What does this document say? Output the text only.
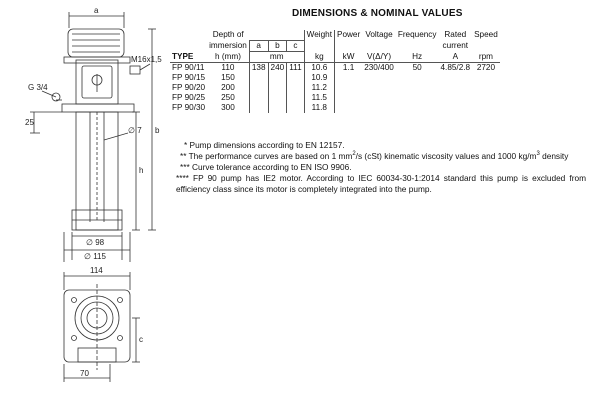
a
M16x1,5
G 3/4
25
∅ 7
h
b
∅ 98
∅ 115
114
c
70
DIMENSIONS & NOMINAL VALUES
	Depth of				Weight	Power	Voltage	Frequency	Rated	Speed
	immersion	a	b	c					current	
TYPE	h (mm)	mm			kg	kW	V(Δ/Y)	Hz	A	rpm
FP 90/11	110	138	240	111	10.6	1.1	230/400	50	4.85/2.8	2720
FP 90/15	150				10.9					
FP 90/20	200				11.2					
FP 90/25	250				11.5					
FP 90/30	300				11.8					

* Pump dimensions according to EN 12157.

** The performance curves are based on 1 $mm^2/s$ (cSt) kinematic viscosity values and 1000 $kg/m^3$ density

*** Curve tolerance according to EN ISO 9906.

**** FP 90 pump has IE2 motor. According to IEC 60034-30-1:2014 standard this pump is excluded from efficiency class since its motor is completely integrated into the pump.
